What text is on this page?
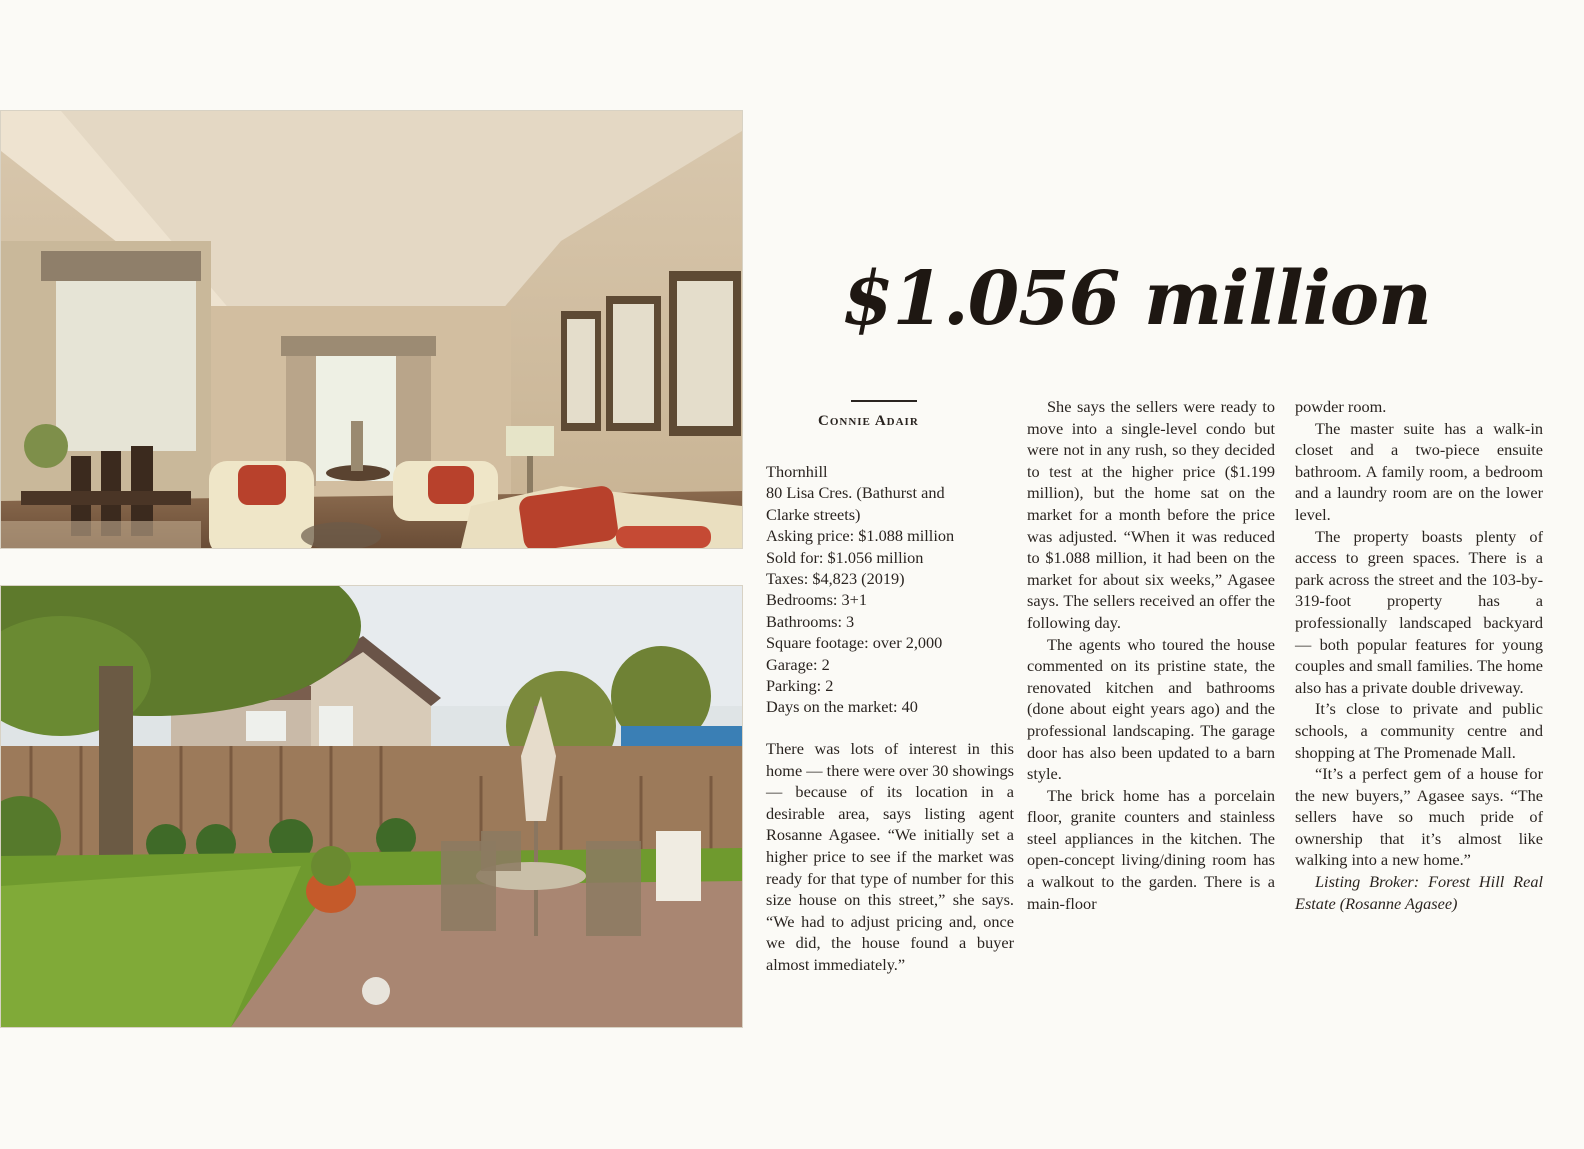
$1.056 million
Connie Adair
Thornhill
80 Lisa Cres. (Bathurst and
Clarke streets)
Asking price: $1.088 million
Sold for: $1.056 million
Taxes: $4,823 (2019)
Bedrooms: 3+1
Bathrooms: 3
Square footage: over 2,000
Garage: 2
Parking: 2
Days on the market: 40

There was lots of interest in this home — there were over 30 showings — because of its location in a desirable area, says listing agent Rosanne Agasee. “We initially set a higher price to see if the market was ready for that type of number for this size house on this street,” she says. “We had to adjust pricing and, once we did, the house found a buyer almost immediately.”

She says the sellers were ready to move into a single-level condo but were not in any rush, so they decided to test at the higher price ($1.199 million), but the home sat on the market for a month before the price was adjusted. “When it was reduced to $1.088 million, it had been on the market for about six weeks,” Agasee says. The sellers received an offer the following day.

The agents who toured the house commented on its pristine state, the renovated kitchen and bathrooms (done about eight years ago) and the professional landscaping. The garage door has also been updated to a barn style.

The brick home has a porcelain floor, granite counters and stainless steel appliances in the kitchen. The open-concept living/dining room has a walkout to the garden. There is a main-floor

powder room.

The master suite has a walk-in closet and a two-piece ensuite bathroom. A family room, a bedroom and a laundry room are on the lower level.

The property boasts plenty of access to green spaces. There is a park across the street and the 103-by-319-foot property has a professionally landscaped backyard — both popular features for young couples and small families. The home also has a private double driveway.

It’s close to private and public schools, a community centre and shopping at The Promenade Mall.

“It’s a perfect gem of a house for the new buyers,” Agasee says. “The sellers have so much pride of ownership that it’s almost like walking into a new home.”

Listing Broker: Forest Hill Real Estate (Rosanne Agasee)
